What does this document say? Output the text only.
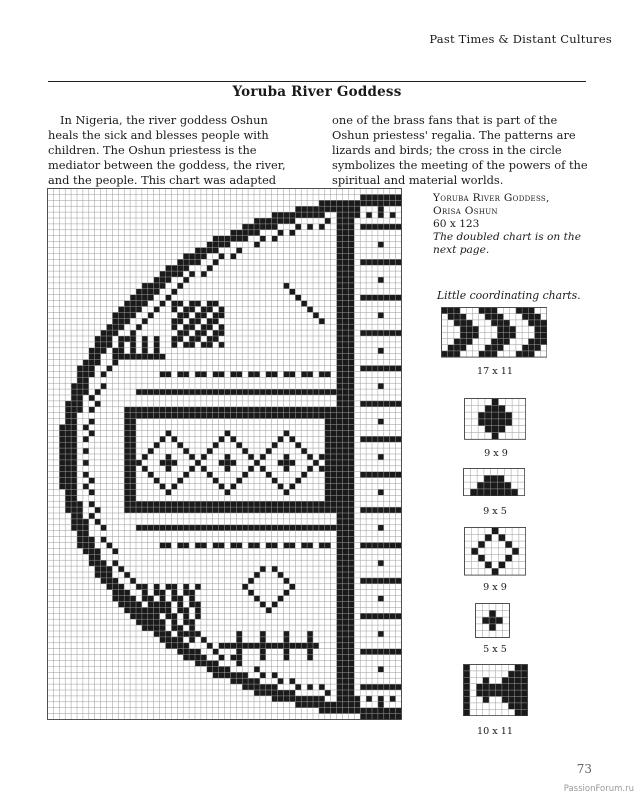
Past Times & Distant Cultures
Yoruba River Goddess
In Nigeria, the river goddess Oshun heals the sick and blesses people with children. The Oshun priestess is the mediator between the goddess, the river, and the people. This chart was adapted
one of the brass fans that is part of the Oshun priestess' regalia. The patterns are lizards and birds; the cross in the circle symbolizes the meeting of the powers of the spiritual and material worlds.
Yoruba River Goddess,
Orisa Oshun
60 x 123
The doubled chart is on the next page.
Little coordinating charts.
17 x 11
9 x 9
9 x 5
9 x 9
5 x 5
10 x 11
73
PassionForum.ru
